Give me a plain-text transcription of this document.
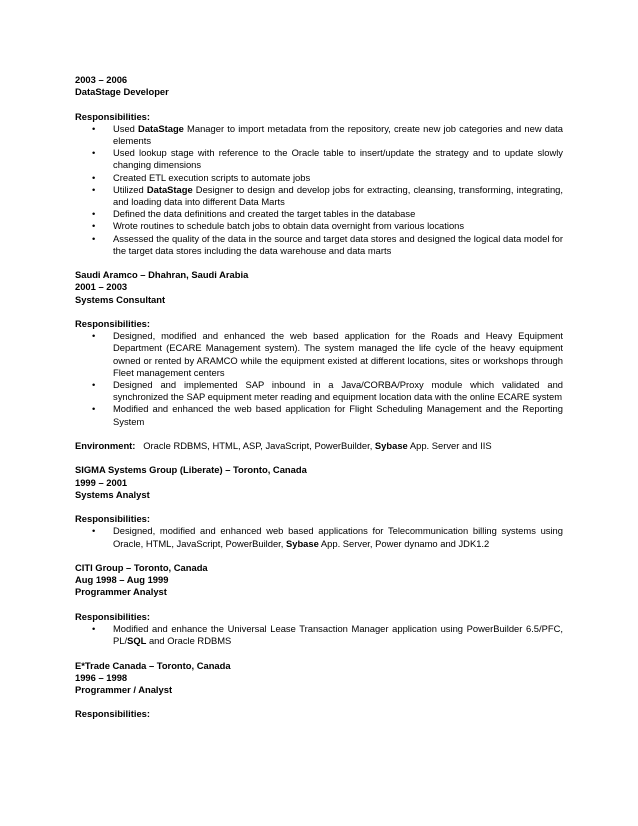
2003 – 2006
DataStage Developer
Responsibilities:
• Used DataStage Manager to import metadata from the repository, create new job categories and new data elements
• Used lookup stage with reference to the Oracle table to insert/update the strategy and to update slowly changing dimensions
• Created ETL execution scripts to automate jobs
• Utilized DataStage Designer to design and develop jobs for extracting, cleansing, transforming, integrating, and loading data into different Data Marts
• Defined the data definitions and created the target tables in the database
• Wrote routines to schedule batch jobs to obtain data overnight from various locations
• Assessed the quality of the data in the source and target data stores and designed the logical data model for the target data stores including the data warehouse and data marts
Saudi Aramco – Dhahran, Saudi Arabia
2001 – 2003
Systems Consultant
Responsibilities:
• Designed, modified and enhanced the web based application for the Roads and Heavy Equipment Department (ECARE Management system). The system managed the life cycle of the heavy equipment owned or rented by ARAMCO while the equipment existed at different locations, sites or workshops through Fleet management centers
• Designed and implemented SAP inbound in a Java/CORBA/Proxy module which validated and synchronized the SAP equipment meter reading and equipment location data with the online ECARE system
• Modified and enhanced the web based application for Flight Scheduling Management and the Reporting System
Environment:   Oracle RDBMS, HTML, ASP, JavaScript, PowerBuilder, Sybase App. Server and IIS
SIGMA Systems Group (Liberate) – Toronto, Canada
1999 – 2001
Systems Analyst
Responsibilities:
• Designed, modified and enhanced web based applications for Telecommunication billing systems using Oracle, HTML, JavaScript, PowerBuilder, Sybase App. Server, Power dynamo and JDK1.2
CITI Group – Toronto, Canada
Aug 1998 – Aug 1999
Programmer Analyst
Responsibilities:
• Modified and enhance the Universal Lease Transaction Manager application using PowerBuilder 6.5/PFC, PL/SQL and Oracle RDBMS
E*Trade Canada – Toronto, Canada
1996 – 1998
Programmer / Analyst
Responsibilities:
